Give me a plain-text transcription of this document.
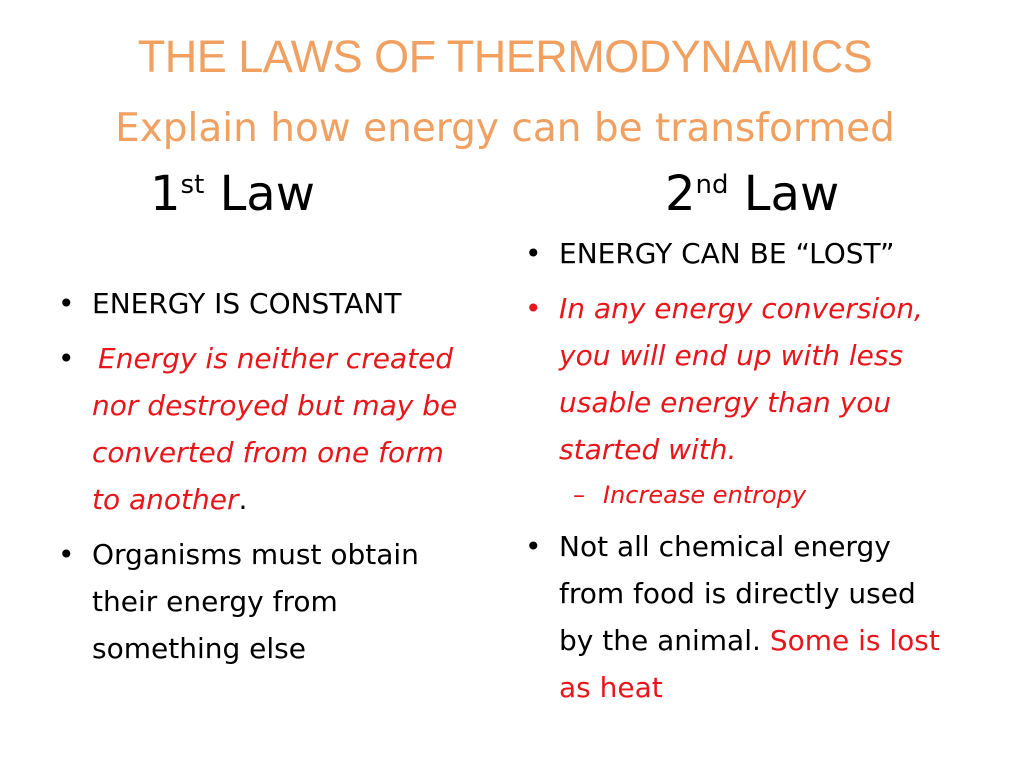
THE LAWS OF THERMODYNAMICS
Explain how energy can be transformed
1st Law	2nd Law
• ENERGY IS CONSTANT
• Energy is neither created nor destroyed but may be converted from one form to another.
• Organisms must obtain their energy from something else
• ENERGY CAN BE “LOST”
• In any energy conversion, you will end up with less usable energy than you started with.
– Increase entropy
• Not all chemical energy from food is directly used by the animal. Some is lost as heat
